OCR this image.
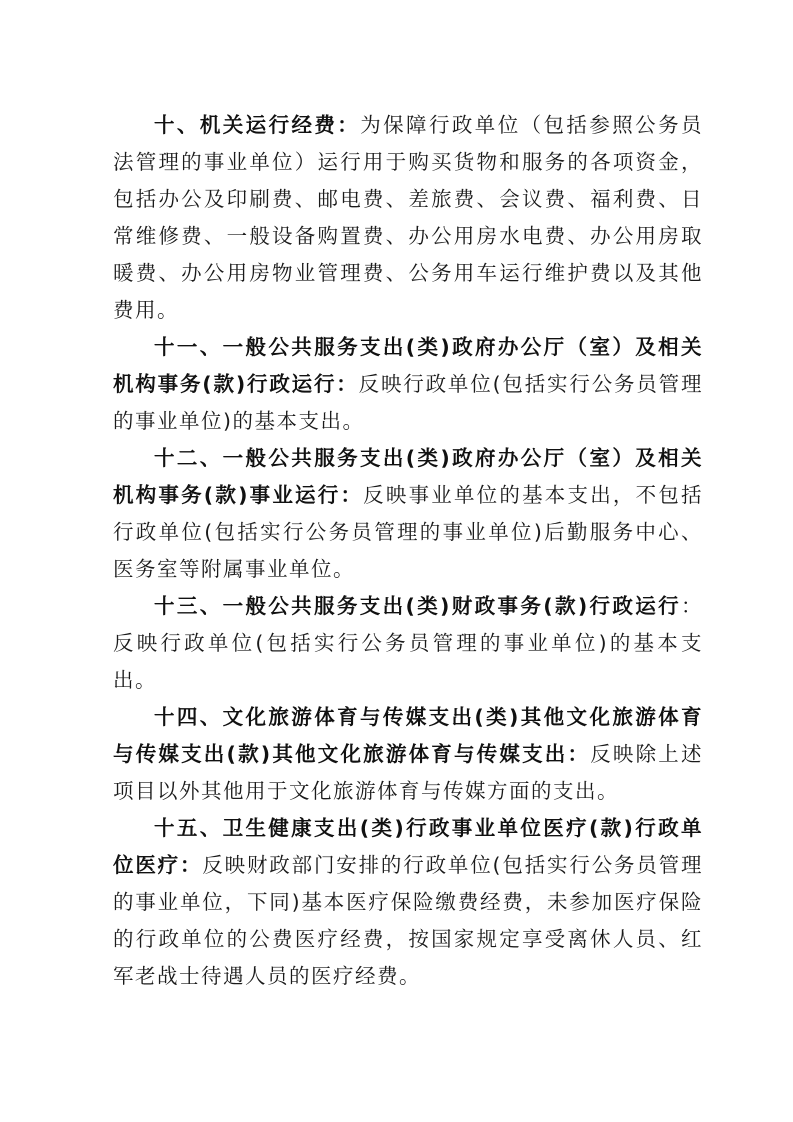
十、机关运行经费：为保障行政单位（包括参照公务员法管理的事业单位）运行用于购买货物和服务的各项资金，包括办公及印刷费、邮电费、差旅费、会议费、福利费、日常维修费、一般设备购置费、办公用房水电费、办公用房取暖费、办公用房物业管理费、公务用车运行维护费以及其他费用。

十一、一般公共服务支出(类)政府办公厅（室）及相关机构事务(款)行政运行：反映行政单位(包括实行公务员管理的事业单位)的基本支出。

十二、一般公共服务支出(类)政府办公厅（室）及相关机构事务(款)事业运行：反映事业单位的基本支出，不包括行政单位(包括实行公务员管理的事业单位)后勤服务中心、医务室等附属事业单位。

十三、一般公共服务支出(类)财政事务(款)行政运行：反映行政单位(包括实行公务员管理的事业单位)的基本支出。

十四、文化旅游体育与传媒支出(类)其他文化旅游体育与传媒支出(款)其他文化旅游体育与传媒支出：反映除上述项目以外其他用于文化旅游体育与传媒方面的支出。

十五、卫生健康支出(类)行政事业单位医疗(款)行政单位医疗：反映财政部门安排的行政单位(包括实行公务员管理的事业单位，下同)基本医疗保险缴费经费，未参加医疗保险的行政单位的公费医疗经费，按国家规定享受离休人员、红军老战士待遇人员的医疗经费。
